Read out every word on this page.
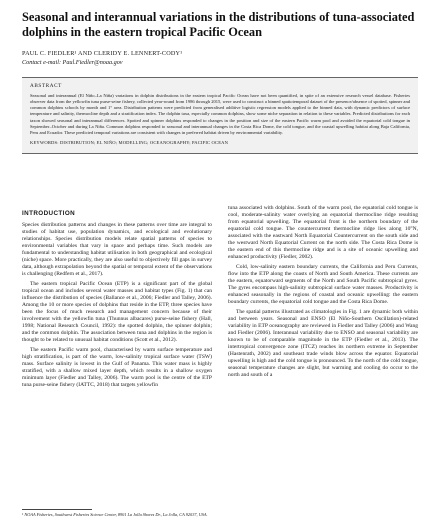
Seasonal and interannual variations in the distributions of tuna-associated dolphins in the eastern tropical Pacific Ocean
PAUL C. FIEDLER¹ AND CLERIDY E. LENNERT-CODY¹
Contact e-mail: Paul.Fiedler@noaa.gov
ABSTRACT

Seasonal and interannual (El Niño–La Niña) variations in dolphin distributions in the eastern tropical Pacific Ocean have not been quantified, in spite of an extensive research vessel database. Fisheries observer data from the yellowfin tuna purse-seine fishery, collected year-round from 1986 through 2015, were used to construct a binned spatiotemporal dataset of the presence/absence of spotted, spinner and common dolphins schools by month and 1° area. Distribution patterns were predicted from generalised additive logistic regression models applied to the binned data, with dynamic predictors of surface temperature and salinity, thermocline depth and a stratification index. The dolphin taxa, especially common dolphins, show some niche separation in relation to these variables. Predicted distributions for each taxon showed seasonal and interannual differences. Spotted and spinner dolphins responded to changes in the position and size of the eastern Pacific warm pool and avoided the equatorial cold tongue in September–October and during La Niña. Common dolphins responded to seasonal and interannual changes in the Costa Rica Dome, the cold tongue, and the coastal upwelling habitat along Baja California, Peru and Ecuador. These predicted temporal variations are consistent with changes in preferred habitat driven by environmental variability.

KEYWORDS: DISTRIBUTION; EL NIÑO; MODELLING; OCEANOGRAPHY; PACIFIC OCEAN
INTRODUCTION

Species distribution patterns and changes in these patterns over time are integral to studies of habitat use, population dynamics, and ecological and evolutionary relationships. Species distribution models relate spatial patterns of species to environmental variables that vary in space and perhaps time. Such models are fundamental to understanding habitat utilisation in both geographical and ecological (niche) space. More practically, they are also useful to objectively fill gaps in survey data, although extrapolation beyond the spatial or temporal extent of the observations is challenging (Redfern et al., 2017).

The eastern tropical Pacific Ocean (ETP) is a significant part of the global tropical ocean and includes several water masses and habitat types (Fig. 1) that can influence the distribution of species (Ballance et al., 2006; Fiedler and Talley, 2006). Among the 10 or more species of dolphins that reside in the ETP, three species have been the focus of much research and management concern because of their involvement with the yellowfin tuna (Thunnus albacares) purse-seine fishery (Hall, 1998; National Research Council, 1992): the spotted dolphin, the spinner dolphin; and the common dolphin. The association between tuna and dolphins in the region is thought to be related to unusual habitat conditions (Scott et al., 2012).

The eastern Pacific warm pool, characterised by warm surface temperature and high stratification, is part of the warm, low-salinity tropical surface water (TSW) mass. Surface salinity is lowest in the Gulf of Panama. This water mass is highly stratified, with a shallow mixed layer depth, which results in a shallow oxygen minimum layer (Fiedler and Talley, 2006). The warm pool is the centre of the ETP tuna purse-seine fishery (IATTC, 2018) that targets yellowfin

tuna associated with dolphins. South of the warm pool, the equatorial cold tongue is cool, moderate-salinity water overlying an equatorial thermocline ridge resulting from equatorial upwelling. The equatorial front is the northern boundary of the equatorial cold tongue. The countercurrent thermocline ridge lies along 10°N, associated with the eastward North Equatorial Countercurrent on the south side and the westward North Equatorial Current on the north side. The Costa Rica Dome is the eastern end of this thermocline ridge and is a site of oceanic upwelling and enhanced productivity (Fiedler, 2002).

Cold, low-salinity eastern boundary currents, the California and Peru Currents, flow into the ETP along the coasts of North and South America. These currents are the eastern, equatorward segments of the North and South Pacific subtropical gyres. The gyres encompass high-salinity subtropical surface water masses. Productivity is enhanced seasonally in the regions of coastal and oceanic upwelling: the eastern boundary currents, the equatorial cold tongue and the Costa Rica Dome.

The spatial patterns illustrated as climatologies in Fig. 1 are dynamic both within and between years. Seasonal and ENSO (El Niño-Southern Oscillation)-related variability in ETP oceanography are reviewed in Fiedler and Talley (2006) and Wang and Fiedler (2006). Interannual variability due to ENSO and seasonal variability are known to be of comparable magnitude in the ETP (Fiedler et al., 2013). The intertropical convergence zone (ITCZ) reaches its northern extreme in September (Hastenrath, 2002) and southeast trade winds blow across the equator. Equatorial upwelling is high and the cold tongue is pronounced. To the north of the cold tongue, seasonal temperature changes are slight, but warming and cooling do occur to the north and south of a

¹ NOAA Fisheries, Southwest Fisheries Science Center, 8901 La Jolla Shores Dr., La Jolla, CA 92037, USA.
